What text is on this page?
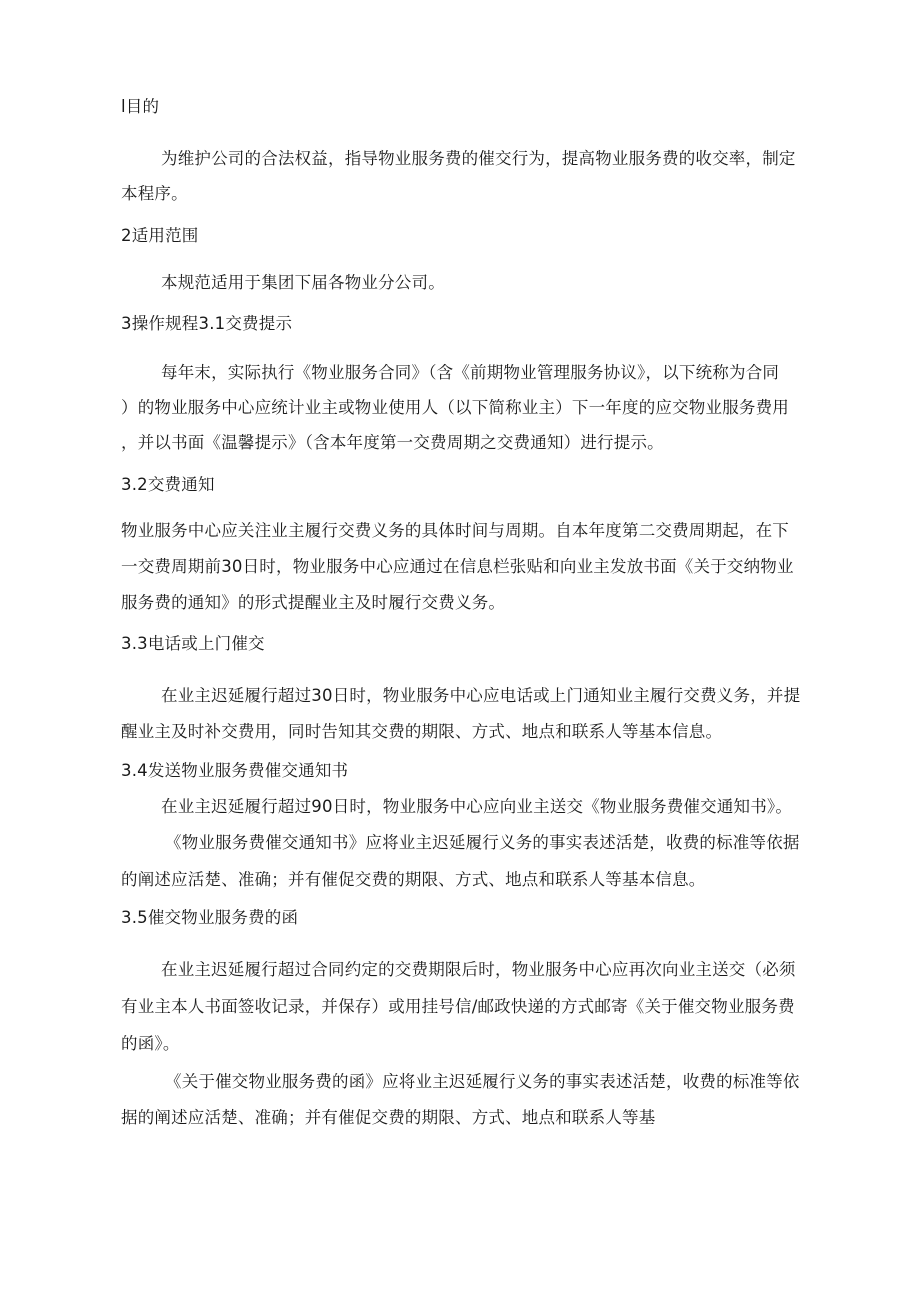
l目的
为维护公司的合法权益，指导物业服务费的催交行为，提高物业服务费的收交率，制定
本程序。
2适用范围
本规范适用于集团下届各物业分公司。
3操作规程3.1交费提示
每年末，实际执行《物业服务合同》（含《前期物业管理服务协议》，以下统称为合同
）的物业服务中心应统计业主或物业使用人（以下简称业主）下一年度的应交物业服务费用
，并以书面《温馨提示》（含本年度第一交费周期之交费通知）进行提示。
3.2交费通知
物业服务中心应关注业主履行交费义务的具体时间与周期。自本年度第二交费周期起，在下
一交费周期前30日时，物业服务中心应通过在信息栏张贴和向业主发放书面《关于交纳物业
服务费的通知》的形式提醒业主及时履行交费义务。
3.3电话或上门催交
在业主迟延履行超过30日时，物业服务中心应电话或上门通知业主履行交费义务，并提
醒业主及时补交费用，同时告知其交费的期限、方式、地点和联系人等基本信息。
3.4发送物业服务费催交通知书
在业主迟延履行超过90日时，物业服务中心应向业主送交《物业服务费催交通知书》。
《物业服务费催交通知书》应将业主迟延履行义务的事实表述活楚，收费的标准等依据
的阐述应活楚、准确；并有催促交费的期限、方式、地点和联系人等基本信息。
3.5催交物业服务费的函
在业主迟延履行超过合同约定的交费期限后时，物业服务中心应再次向业主送交（必须
有业主本人书面签收记录，并保存）或用挂号信/邮政快递的方式邮寄《关于催交物业服务费
的函》。
《关于催交物业服务费的函》应将业主迟延履行义务的事实表述活楚，收费的标准等依
据的阐述应活楚、准确；并有催促交费的期限、方式、地点和联系人等基
